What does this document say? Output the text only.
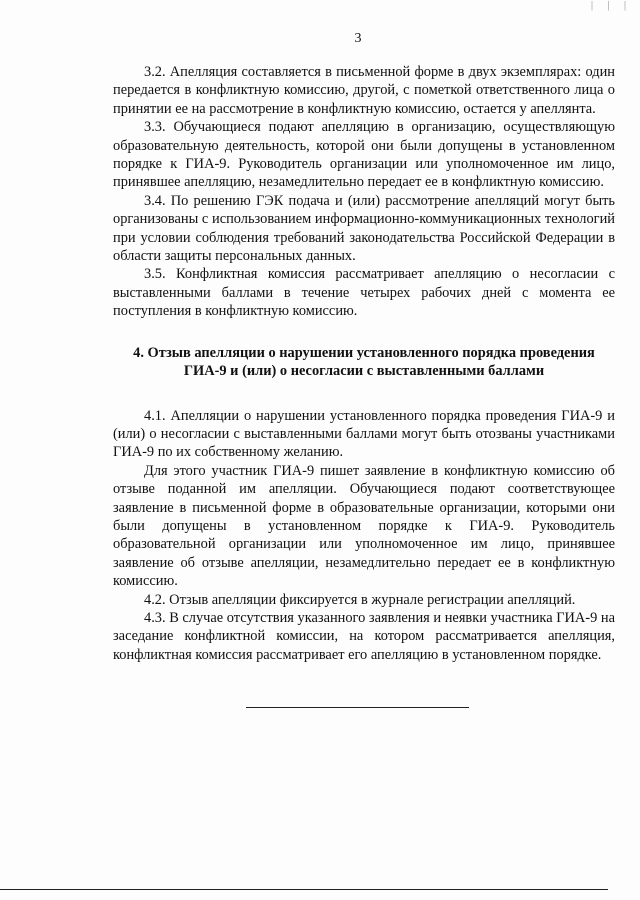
| | |
3

3.2. Апелляция составляется в письменной форме в двух экземплярах: один передается в конфликтную комиссию, другой, с пометкой ответственного лица о принятии ее на рассмотрение в конфликтную комиссию, остается у апеллянта.

3.3. Обучающиеся подают апелляцию в организацию, осуществляющую образовательную деятельность, которой они были допущены в установленном порядке к ГИА-9. Руководитель организации или уполномоченное им лицо, принявшее апелляцию, незамедлительно передает ее в конфликтную комиссию.

3.4. По решению ГЭК подача и (или) рассмотрение апелляций могут быть организованы с использованием информационно-коммуникационных технологий при условии соблюдения требований законодательства Российской Федерации в области защиты персональных данных.

3.5. Конфликтная комиссия рассматривает апелляцию о несогласии с выставленными баллами в течение четырех рабочих дней с момента ее поступления в конфликтную комиссию.

4. Отзыв апелляции о нарушении установленного порядка проведения
ГИА-9 и (или) о несогласии с выставленными баллами

4.1. Апелляции о нарушении установленного порядка проведения ГИА-9 и (или) о несогласии с выставленными баллами могут быть отозваны участниками ГИА-9 по их собственному желанию.

Для этого участник ГИА-9 пишет заявление в конфликтную комиссию об отзыве поданной им апелляции. Обучающиеся подают соответствующее заявление в письменной форме в образовательные организации, которыми они были допущены в установленном порядке к ГИА-9. Руководитель образовательной организации или уполномоченное им лицо, принявшее заявление об отзыве апелляции, незамедлительно передает ее в конфликтную комиссию.

4.2. Отзыв апелляции фиксируется в журнале регистрации апелляций.

4.3. В случае отсутствия указанного заявления и неявки участника ГИА-9 на заседание конфликтной комиссии, на котором рассматривается апелляция, конфликтная комиссия рассматривает его апелляцию в установленном порядке.
